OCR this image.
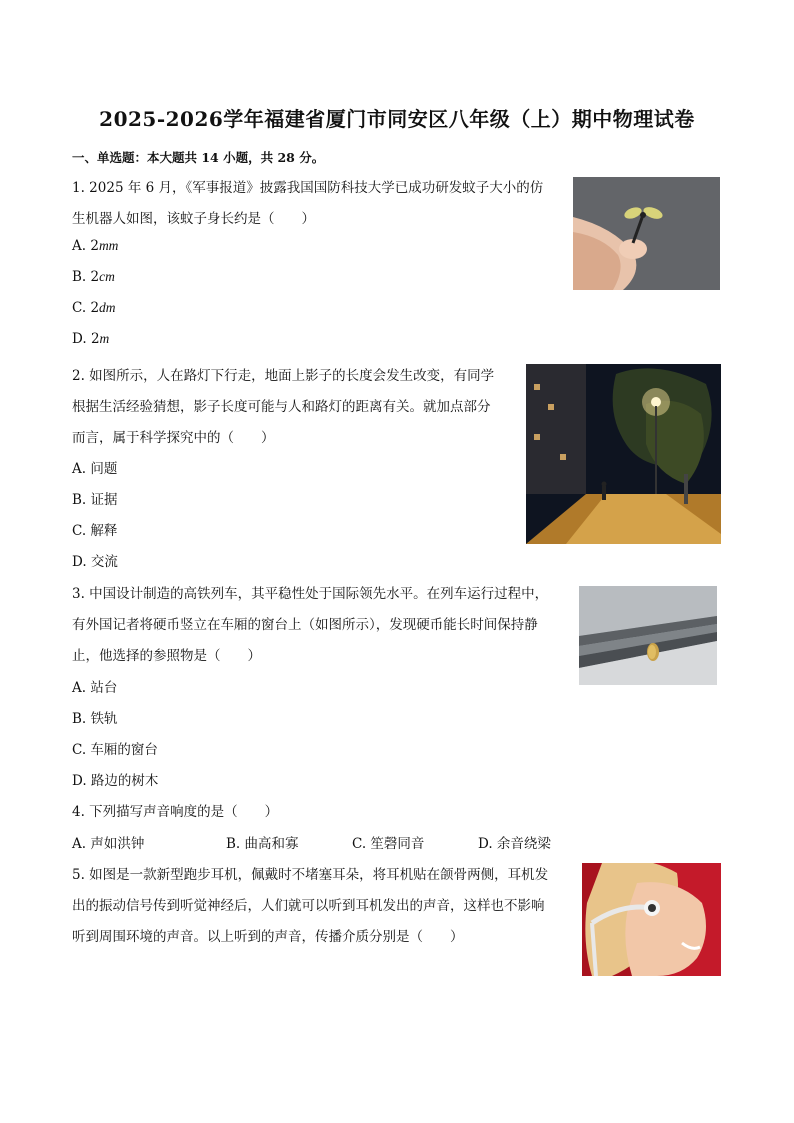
2025-2026学年福建省厦门市同安区八年级（上）期中物理试卷
一、单选题：本大题共 14 小题，共 28 分。
1. 2025 年 6 月，《军事报道》披露我国国防科技大学已成功研发蚊子大小的仿
生机器人如图，该蚊子身长约是（　　）
A. 2mm
B. 2cm
C. 2dm
D. 2m
2. 如图所示，人在路灯下行走，地面上影子的长度会发生改变，有同学
根据生活经验猜想，影子长度可能与人和路灯的距离有关。就加点部分
而言，属于科学探究中的（　　）
A. 问题
B. 证据
C. 解释
D. 交流
3. 中国设计制造的高铁列车，其平稳性处于国际领先水平。在列车运行过程中，
有外国记者将硬币竖立在车厢的窗台上（如图所示），发现硬币能长时间保持静
止，他选择的参照物是（　　）
A. 站台
B. 铁轨
C. 车厢的窗台
D. 路边的树木
4. 下列描写声音响度的是（　　）
A. 声如洪钟	B. 曲高和寡	C. 笙磬同音	D. 余音绕梁
5. 如图是一款新型跑步耳机，佩戴时不堵塞耳朵，将耳机贴在颌骨两侧，耳机发
出的振动信号传到听觉神经后，人们就可以听到耳机发出的声音，这样也不影响
听到周围环境的声音。以上听到的声音，传播介质分别是（　　）
